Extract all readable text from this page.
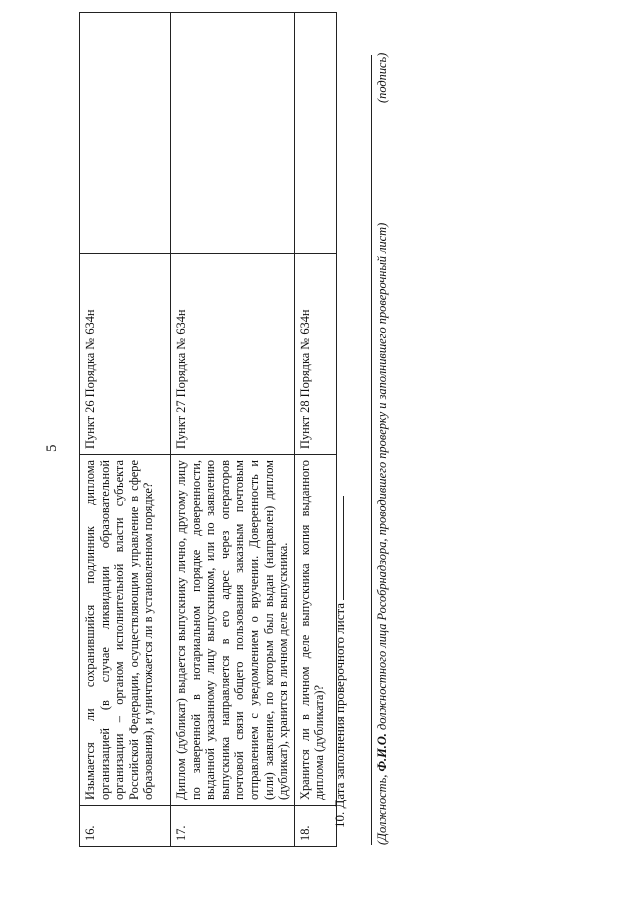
5
16.	Изымается ли сохранившийся подлинник диплома организацией (в случае ликвидации образовательной организации – органом исполнительной власти субъекта Российской Федерации, осуществляющим управление в сфере образования), и уничтожается ли в установленном порядке?	Пункт 26 Порядка № 634н	
17.	Диплом (дубликат) выдается выпускнику лично, другому лицу по заверенной в нотариальном порядке доверенности, выданной указанному лицу выпускником, или по заявлению выпускника направляется в его адрес через операторов почтовой связи общего пользования заказным почтовым отправлением с уведомлением о вручении. Доверенность и (или) заявление, по которым был выдан (направлен) диплом (дубликат), хранится в личном деле выпускника.	Пункт 27 Порядка № 634н	
18.	Хранится ли в личном деле выпускника копия выданного диплома (дубликата)?	Пункт 28 Порядка № 634н	
10. Дата заполнения проверочного листа (Должность, Ф.И.О. должностного лица Рособрнадзора, проводившего проверку и заполнившего проверочный лист)
(подпись)
